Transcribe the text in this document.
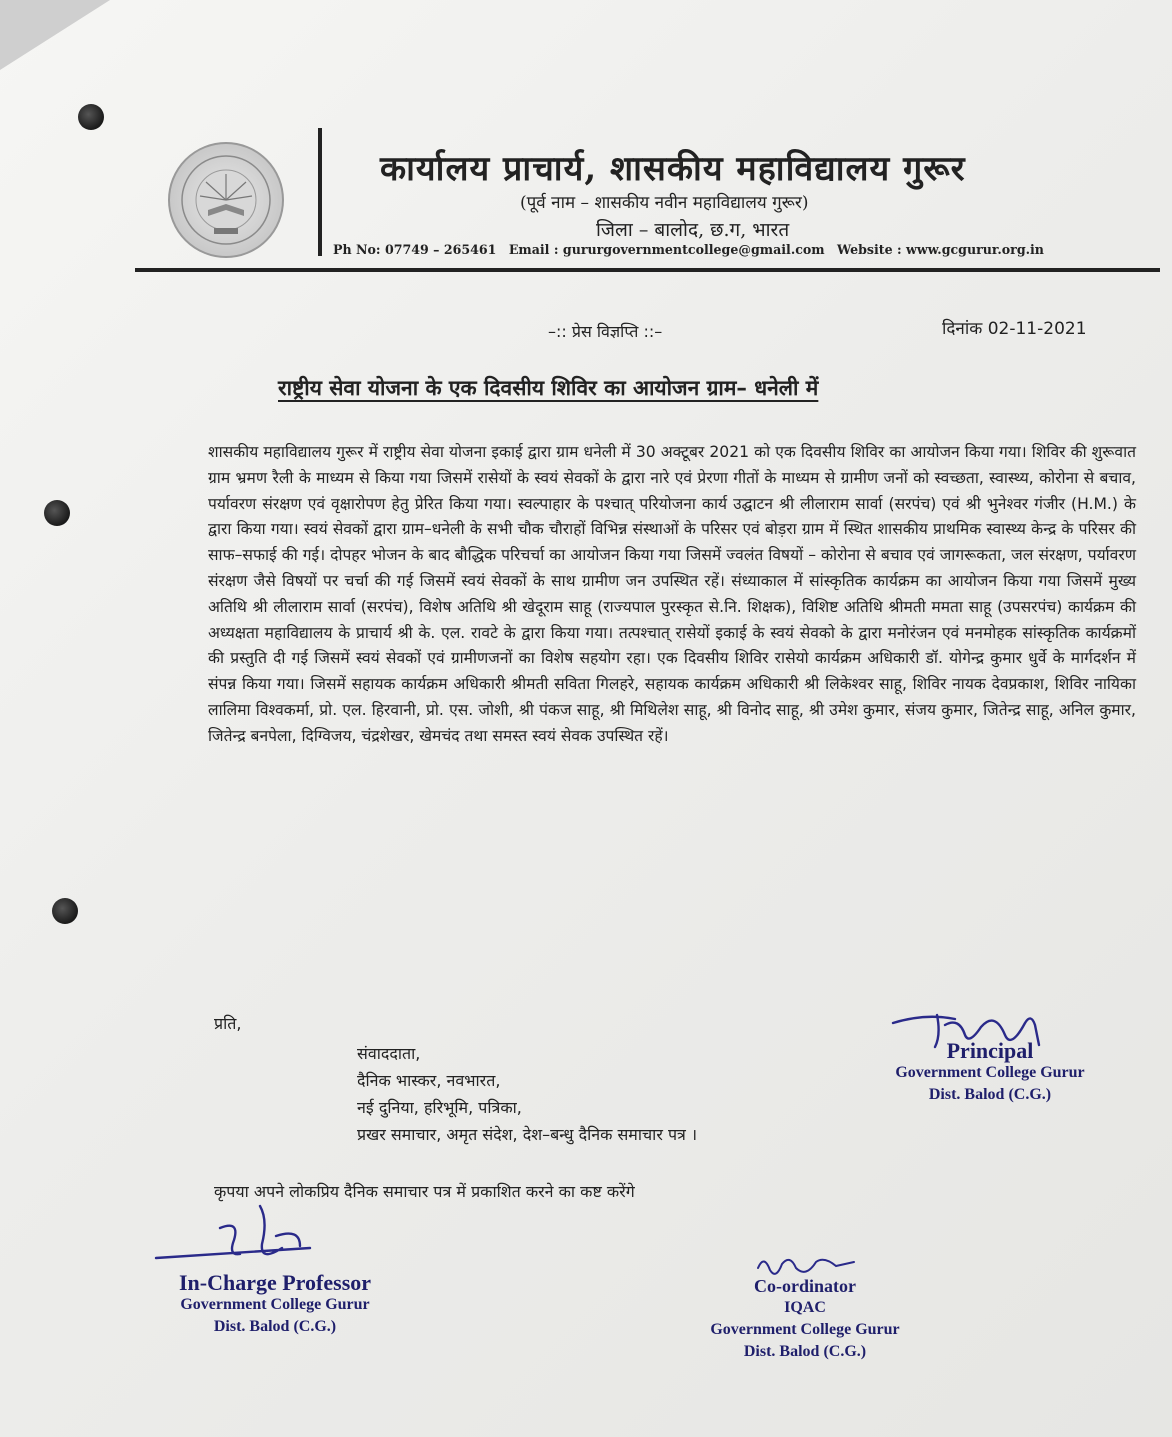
कार्यालय प्राचार्य, शासकीय महाविद्यालय गुरूर
(पूर्व नाम – शासकीय नवीन महाविद्यालय गुरूर)
जिला – बालोद, छ.ग, भारत
Ph No: 07749 – 265461 Email : gururgovernmentcollege@gmail.com Website : www.gcgurur.org.in
–:: प्रेस विज्ञप्ति ::–	दिनांक 02-11-2021
राष्ट्रीय सेवा योजना के एक दिवसीय शिविर का आयोजन ग्राम– धनेली में
शासकीय महाविद्यालय गुरूर में राष्ट्रीय सेवा योजना इकाई द्वारा ग्राम धनेली में 30 अक्टूबर 2021 को एक दिवसीय शिविर का आयोजन किया गया। शिविर की शुरूवात ग्राम भ्रमण रैली के माध्यम से किया गया जिसमें रासेयों के स्वयं सेवकों के द्वारा नारे एवं प्रेरणा गीतों के माध्यम से ग्रामीण जनों को स्वच्छता, स्वास्थ्य, कोरोना से बचाव, पर्यावरण संरक्षण एवं वृक्षारोपण हेतु प्रेरित किया गया। स्वल्पाहार के पश्चात् परियोजना कार्य उद्घाटन श्री लीलाराम सार्वा (सरपंच) एवं श्री भुनेश्वर गंजीर (H.M.) के द्वारा किया गया। स्वयं सेवकों द्वारा ग्राम–धनेली के सभी चौक चौराहों विभिन्न संस्थाओं के परिसर एवं बोड़रा ग्राम में स्थित शासकीय प्राथमिक स्वास्थ्य केन्द्र के परिसर की साफ–सफाई की गई। दोपहर भोजन के बाद बौद्धिक परिचर्चा का आयोजन किया गया जिसमें ज्वलंत विषयों – कोरोना से बचाव एवं जागरूकता, जल संरक्षण, पर्यावरण संरक्षण जैसे विषयों पर चर्चा की गई जिसमें स्वयं सेवकों के साथ ग्रामीण जन उपस्थित रहें। संध्याकाल में सांस्कृतिक कार्यक्रम का आयोजन किया गया जिसमें मुख्य अतिथि श्री लीलाराम सार्वा (सरपंच), विशेष अतिथि श्री खेदूराम साहू (राज्यपाल पुरस्कृत से.नि. शिक्षक), विशिष्ट अतिथि श्रीमती ममता साहू (उपसरपंच) कार्यक्रम की अध्यक्षता महाविद्यालय के प्राचार्य श्री के. एल. रावटे के द्वारा किया गया। तत्पश्चात् रासेयों इकाई के स्वयं सेवको के द्वारा मनोरंजन एवं मनमोहक सांस्कृतिक कार्यक्रमों की प्रस्तुति दी गई जिसमें स्वयं सेवकों एवं ग्रामीणजनों का विशेष सहयोग रहा। एक दिवसीय शिविर रासेयो कार्यक्रम अधिकारी डॉ. योगेन्द्र कुमार धुर्वे के मार्गदर्शन में संपन्न किया गया। जिसमें सहायक कार्यक्रम अधिकारी श्रीमती सविता गिलहरे, सहायक कार्यक्रम अधिकारी श्री लिकेश्वर साहू, शिविर नायक देवप्रकाश, शिविर नायिका लालिमा विश्वकर्मा, प्रो. एल. हिरवानी, प्रो. एस. जोशी, श्री पंकज साहू, श्री मिथिलेश साहू, श्री विनोद साहू, श्री उमेश कुमार, संजय कुमार, जितेन्द्र साहू, अनिल कुमार, जितेन्द्र बनपेला, दिग्विजय, चंद्रशेखर, खेमचंद तथा समस्त स्वयं सेवक उपस्थित रहें।
प्रति,
संवाददाता,
दैनिक भास्कर, नवभारत,
नई दुनिया, हरिभूमि, पत्रिका,
प्रखर समाचार, अमृत संदेश, देश–बन्धु दैनिक समाचार पत्र ।
कृपया अपने लोकप्रिय दैनिक समाचार पत्र में प्रकाशित करने का कष्ट करेंगे
Principal
Government College Gurur
Dist. Balod (C.G.)
In-Charge Professor
Government College Gurur
Dist. Balod (C.G.)
Co-ordinator
IQAC
Government College Gurur
Dist. Balod (C.G.)
